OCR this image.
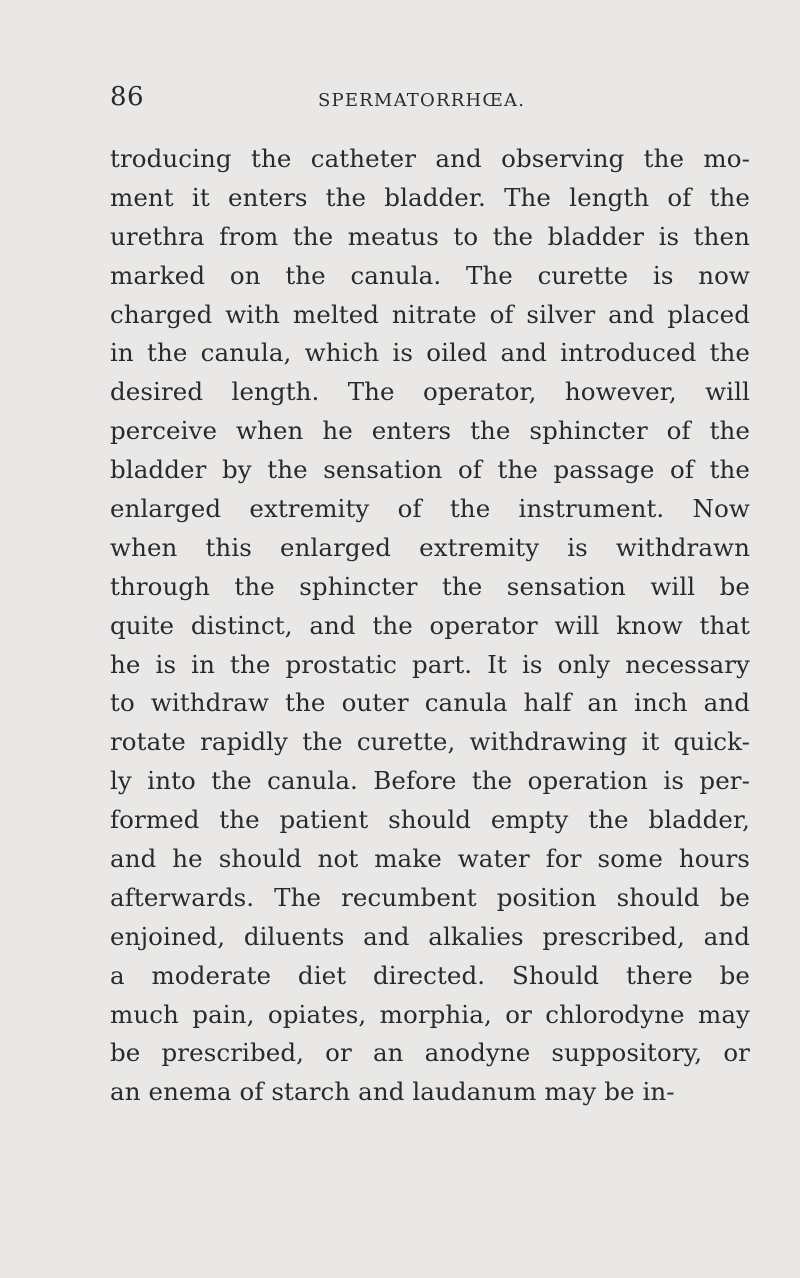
86	SPERMATORRHŒA.
troducing the catheter and observing the mo-
ment it enters the bladder. The length of the
urethra from the meatus to the bladder is then
marked on the canula. The curette is now
charged with melted nitrate of silver and placed
in the canula, which is oiled and introduced the
desired length. The operator, however, will
perceive when he enters the sphincter of the
bladder by the sensation of the passage of the
enlarged extremity of the instrument. Now
when this enlarged extremity is withdrawn
through the sphincter the sensation will be
quite distinct, and the operator will know that
he is in the prostatic part. It is only necessary
to withdraw the outer canula half an inch and
rotate rapidly the curette, withdrawing it quick-
ly into the canula. Before the operation is per-
formed the patient should empty the bladder,
and he should not make water for some hours
afterwards. The recumbent position should be
enjoined, diluents and alkalies prescribed, and
a moderate diet directed. Should there be
much pain, opiates, morphia, or chlorodyne may
be prescribed, or an anodyne suppository, or
an enema of starch and laudanum may be in-
